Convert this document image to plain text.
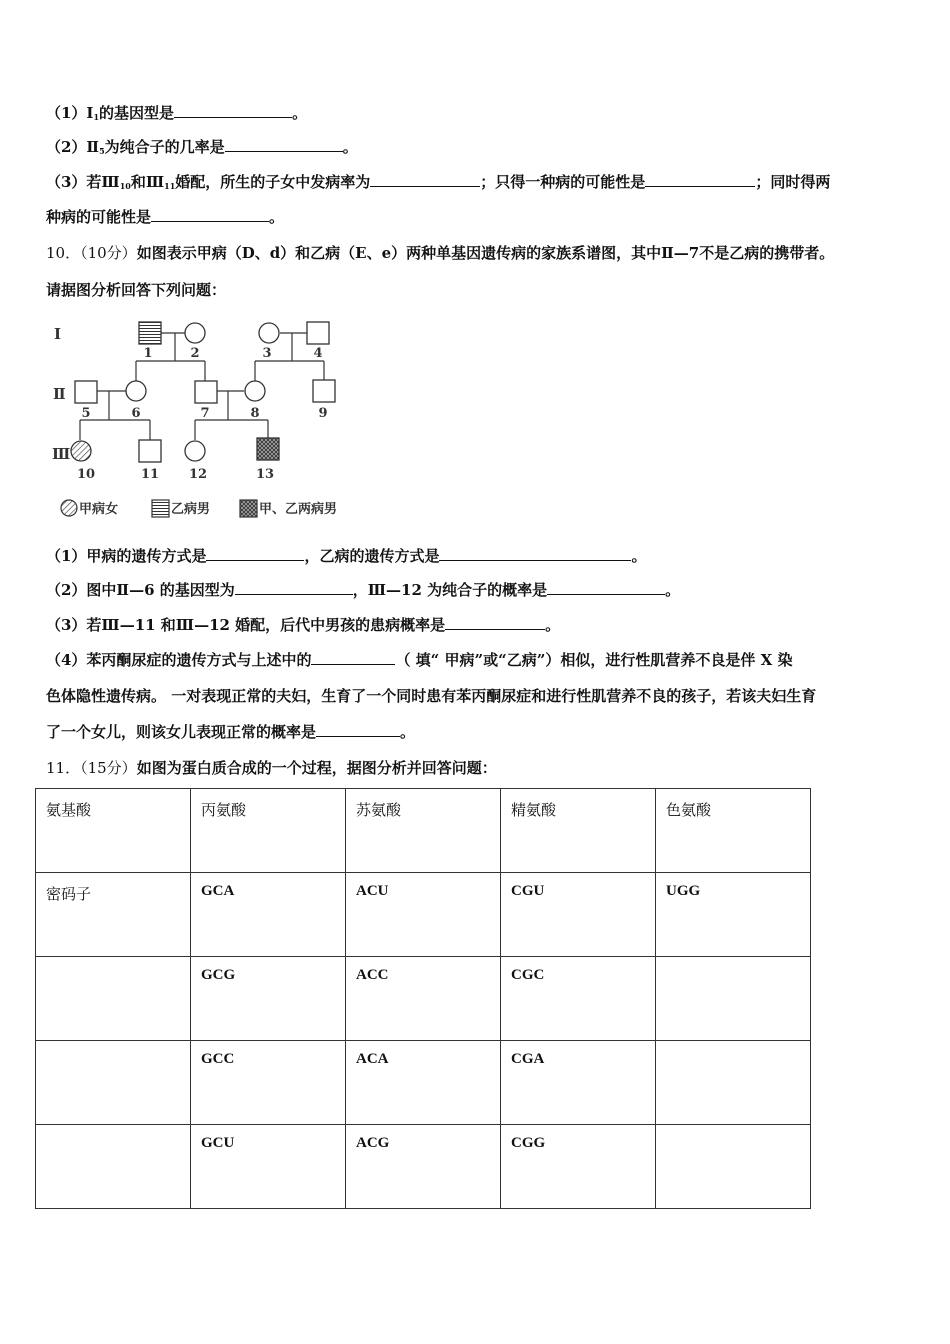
$(1)Ⅰ_1$的基因型是	。
$(2)Ⅱ_5$为纯合子的几率是	。
（3）若$Ⅲ_{10}$和$Ⅲ_{11}$婚配，所生的子女中发病率为	；只得一种病的可能性是	；同时得两
种病的可能性是	。
10．（10分）如图表示甲病（D、d）和乙病（E、e）两种单基因遗传病的家族系谱图，其中Ⅱ—7不是乙病的携带者。
请据图分析回答下列问题：
Ⅰ
Ⅱ
Ⅲ
1	2	3	4
5	6	7	8	9
10	11 12	13
甲病女	乙病男	甲、乙两病男
（1）甲病的遗传方式是	，乙病的遗传方式是	。
（2）图中Ⅱ—6 的基因型为	，Ⅲ—12 为纯合子的概率是	。
（3）若Ⅲ—11 和Ⅲ—12 婚配，后代中男孩的患病概率是	。
（4）苯丙酮尿症的遗传方式与上述中的	（ 填“ 甲病”或“乙病”）相似，进行性肌营养不良是伴 X 染
色体隐性遗传病。 一对表现正常的夫妇，生育了一个同时患有苯丙酮尿症和进行性肌营养不良的孩子，若该夫妇生育
了一个女儿，则该女儿表现正常的概率是	。
11．（15分）如图为蛋白质合成的一个过程，据图分析并回答问题：
氨基酸	丙氨酸	苏氨酸	精氨酸	色氨酸
密码子	GCA	ACU	CGU	UGG
	GCG	ACC	CGC	
	GCC	ACA	CGA	
	GCU	ACG	CGG	
